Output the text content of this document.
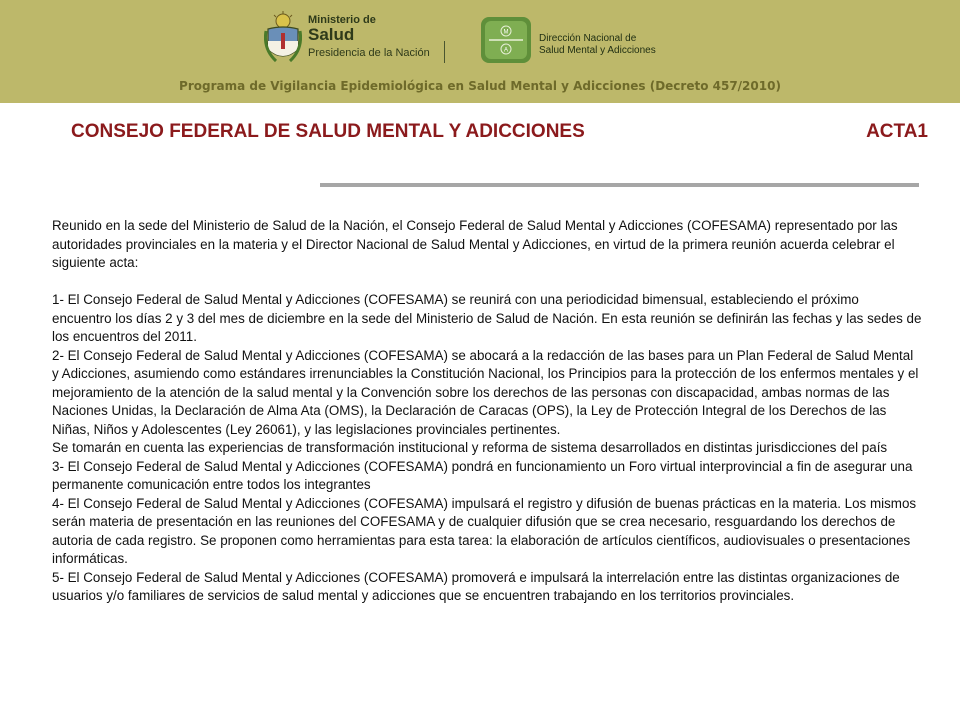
Ministerio de
Salud
Presidencia de la Nación
M
A
Dirección Nacional de
Salud Mental y Adicciones
Programa de Vigilancia Epidemiológica en Salud Mental y Adicciones (Decreto 457/2010)
CONSEJO FEDERAL DE SALUD MENTAL Y ADICCIONES	ACTA1

Reunido en la sede del Ministerio de Salud de la Nación, el Consejo Federal de Salud Mental y Adicciones (COFESAMA) representado por las autoridades provinciales en la materia y el Director Nacional de Salud Mental y Adicciones, en virtud de la primera reunión acuerda celebrar el siguiente acta:

1- El Consejo Federal de Salud Mental y Adicciones (COFESAMA) se reunirá con una periodicidad bimensual, estableciendo el próximo encuentro los días 2 y 3 del mes de diciembre en la sede del Ministerio de Salud de Nación. En esta reunión se definirán las fechas y las sedes de los encuentros del 2011.

2- El Consejo Federal de Salud Mental y Adicciones (COFESAMA) se abocará a la redacción de las bases para un Plan Federal de Salud Mental y Adicciones, asumiendo como estándares irrenunciables la Constitución Nacional, los Principios para la protección de los enfermos mentales y el mejoramiento de la atención de la salud mental y la Convención sobre los derechos de las personas con discapacidad, ambas normas de las Naciones Unidas, la Declaración de Alma Ata (OMS), la Declaración de Caracas (OPS), la Ley de Protección Integral de los Derechos de las Niñas, Niños y Adolescentes (Ley 26061), y las legislaciones provinciales pertinentes.

Se tomarán en cuenta las experiencias de transformación institucional y reforma de sistema desarrollados en distintas jurisdicciones del país

3- El Consejo Federal de Salud Mental y Adicciones (COFESAMA) pondrá en funcionamiento un Foro virtual interprovincial a fin de asegurar una permanente comunicación entre todos los integrantes

4- El Consejo Federal de Salud Mental y Adicciones (COFESAMA) impulsará el registro y difusión de buenas prácticas en la materia. Los mismos serán materia de presentación en las reuniones del COFESAMA y de cualquier difusión que se crea necesario, resguardando los derechos de autoria de cada registro. Se proponen como herramientas para esta tarea: la elaboración de artículos científicos, audiovisuales o presentaciones informáticas.

5- El Consejo Federal de Salud Mental y Adicciones (COFESAMA) promoverá e impulsará la interrelación entre las distintas organizaciones de usuarios y/o familiares de servicios de salud mental y adicciones que se encuentren trabajando en los territorios provinciales.
